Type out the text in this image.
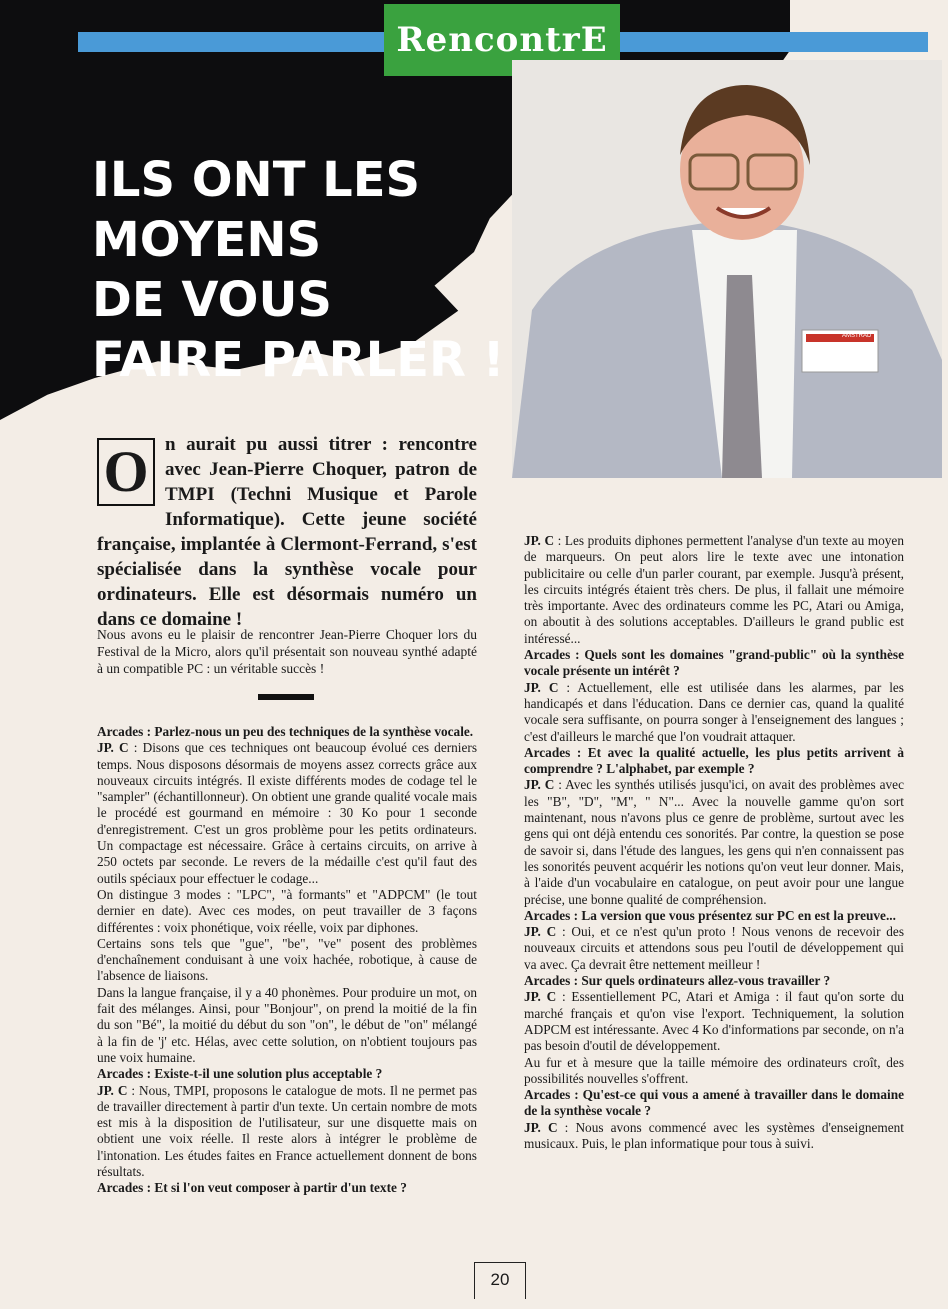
RencontrE
ILS ONT LES MOYENS
DE VOUS
FAIRE PARLER !	AMSTRAD
O n aurait pu aussi titrer : rencontre avec Jean-Pierre Choquer, patron de TMPI (Techni Musique et Parole Informatique). Cette jeune société française, implantée à Clermont-Ferrand, s'est spécialisée dans la synthèse vocale pour ordinateurs. Elle est désormais numéro un dans ce domaine !
Nous avons eu le plaisir de rencontrer Jean-Pierre Choquer lors du Festival de la Micro, alors qu'il présentait son nouveau synthé adapté à un compatible PC : un véritable succès !

Arcades : Parlez-nous un peu des techniques de la synthèse vocale.

JP. C : Disons que ces techniques ont beaucoup évolué ces derniers temps. Nous disposons désormais de moyens assez corrects grâce aux nouveaux circuits intégrés. Il existe différents modes de codage tel le "sampler" (échantillonneur). On obtient une grande qualité vocale mais le procédé est gourmand en mémoire : 30 Ko pour 1 seconde d'enregistrement. C'est un gros problème pour les petits ordinateurs. Un compactage est nécessaire. Grâce à certains circuits, on arrive à 250 octets par seconde. Le revers de la médaille c'est qu'il faut des outils spéciaux pour effectuer le codage...

On distingue 3 modes : "LPC", "à formants" et "ADPCM" (le tout dernier en date). Avec ces modes, on peut travailler de 3 façons différentes : voix phonétique, voix réelle, voix par diphones.

Certains sons tels que "gue", "be", "ve" posent des problèmes d'enchaînement conduisant à une voix hachée, robotique, à cause de l'absence de liaisons.

Dans la langue française, il y a 40 phonèmes. Pour produire un mot, on fait des mélanges. Ainsi, pour "Bonjour", on prend la moitié de la fin du son "Bé", la moitié du début du son "on", le début de "on" mélangé à la fin de 'j' etc. Hélas, avec cette solution, on n'obtient toujours pas une voix humaine.

Arcades : Existe-t-il une solution plus acceptable ?

JP. C : Nous, TMPI, proposons le catalogue de mots. Il ne permet pas de travailler directement à partir d'un texte. Un certain nombre de mots est mis à la disposition de l'utilisateur, sur une disquette mais on obtient une voix réelle. Il reste alors à intégrer le problème de l'intonation. Les études faites en France actuellement donnent de bons résultats.

Arcades : Et si l'on veut composer à partir d'un texte ?

JP. C : Les produits diphones permettent l'analyse d'un texte au moyen de marqueurs. On peut alors lire le texte avec une intonation publicitaire ou celle d'un parler courant, par exemple. Jusqu'à présent, les circuits intégrés étaient très chers. De plus, il fallait une mémoire très importante. Avec des ordinateurs comme les PC, Atari ou Amiga, on aboutit à des solutions acceptables. D'ailleurs le grand public est intéressé...

Arcades : Quels sont les domaines "grand-public" où la synthèse vocale présente un intérêt ?

JP. C : Actuellement, elle est utilisée dans les alarmes, par les handicapés et dans l'éducation. Dans ce dernier cas, quand la qualité vocale sera suffisante, on pourra songer à l'enseignement des langues ; c'est d'ailleurs le marché que l'on voudrait attaquer.

Arcades : Et avec la qualité actuelle, les plus petits arrivent à comprendre ? L'alphabet, par exemple ?

JP. C : Avec les synthés utilisés jusqu'ici, on avait des problèmes avec les "B", "D", "M", " N"... Avec la nouvelle gamme qu'on sort maintenant, nous n'avons plus ce genre de problème, surtout avec les gens qui ont déjà entendu ces sonorités. Par contre, la question se pose de savoir si, dans l'étude des langues, les gens qui n'en connaissent pas les sonorités peuvent acquérir les notions qu'on veut leur donner. Mais, à l'aide d'un vocabulaire en catalogue, on peut avoir pour une langue précise, une bonne qualité de compréhension.

Arcades : La version que vous présentez sur PC en est la preuve...

JP. C : Oui, et ce n'est qu'un proto ! Nous venons de recevoir des nouveaux circuits et attendons sous peu l'outil de développement qui va avec. Ça devrait être nettement meilleur !

Arcades : Sur quels ordinateurs allez-vous travailler ?

JP. C : Essentiellement PC, Atari et Amiga : il faut qu'on sorte du marché français et qu'on vise l'export. Techniquement, la solution ADPCM est intéressante. Avec 4 Ko d'informations par seconde, on n'a pas besoin d'outil de développement.

Au fur et à mesure que la taille mémoire des ordinateurs croît, des possibilités nouvelles s'offrent.

Arcades : Qu'est-ce qui vous a amené à travailler dans le domaine de la synthèse vocale ?

JP. C : Nous avons commencé avec les systèmes d'enseignement musicaux. Puis, le plan informatique pour tous à suivi.

20
